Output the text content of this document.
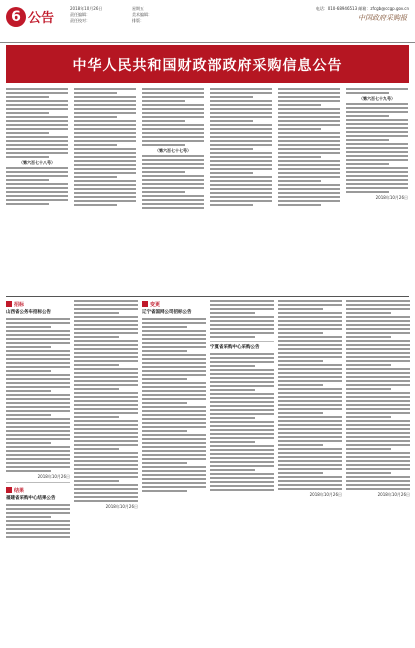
6 公告
2018年10月26日
责任编辑：
责任校对：
星期五
美术编辑：
排版：
电话：010-68946513 邮箱：zfcgb@ccgp.gov.cn
中国政府采购报
中华人民共和国财政部政府采购信息公告
（第六百七十八号）
（第六百七十七号）
（第六百七十九号）
2018年10月26日
招标
山西省公务车招标公告
2018年10月26日
结果
福建省采购中心结果公告
2018年10月26日
变更
辽宁省国网公司招标公告
宁夏省采购中心采购公告
2018年10月26日	2018年10月26日
